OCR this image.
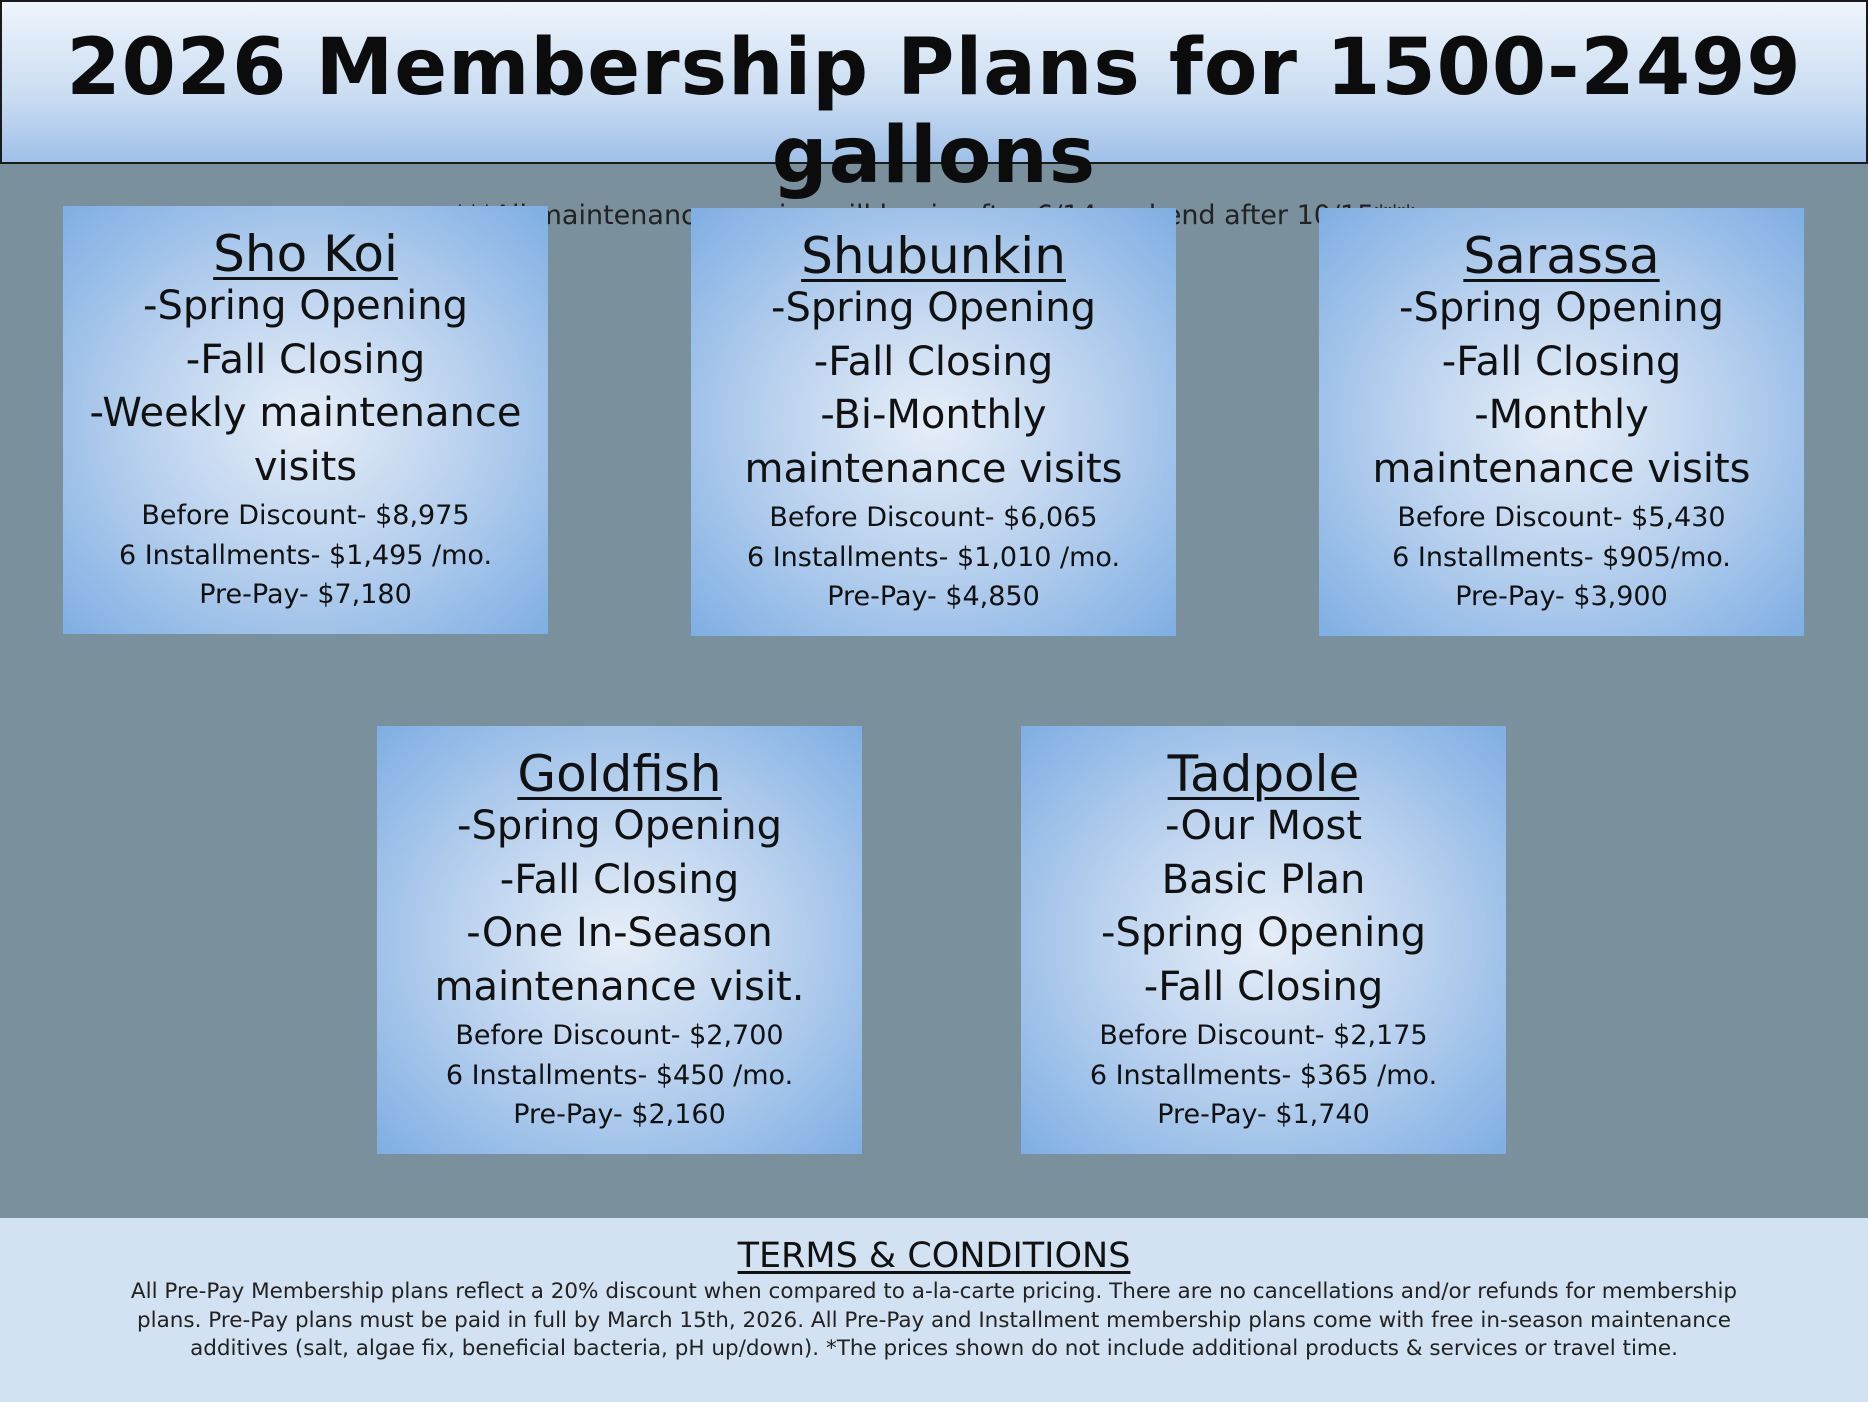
2026 Membership Plans for 1500-2499 gallons
maintenance end after
Sho Koi
-Spring Opening
-Fall Closing
-Weekly maintenance
visits
Before Discount- $8,975
6 Installments- $1,495 /mo.
Pre-Pay- $7,180
Shubunkin
-Spring Opening
-Fall Closing
-Bi-Monthly
maintenance visits
Before Discount- $6,065
6 Installments- $1,010 /mo.
Pre-Pay- $4,850
Sarassa
-Spring Opening
-Fall Closing
-Monthly
maintenance visits
Before Discount- $5,430
6 Installments- $905/mo.
Pre-Pay- $3,900
Goldfish
-Spring Opening
-Fall Closing
-One In-Season
maintenance visit.
Before Discount- $2,700
6 Installments- $450 /mo.
Pre-Pay- $2,160
Tadpole
-Our Most
Basic Plan
-Spring Opening
-Fall Closing
Before Discount- $2,175
6 Installments- $365 /mo.
Pre-Pay- $1,740
TERMS & CONDITIONS
All Pre-Pay Membership plans reflect a 20% discount when compared to a-la-carte pricing. There are no cancellations and/or refunds for membership
plans. Pre-Pay plans must be paid in full by March 15th, 2026. All Pre-Pay and Installment membership plans come with free in-season maintenance
additives (salt, algae fix, beneficial bacteria, pH up/down). *The prices shown do not include additional products & services or travel time.
